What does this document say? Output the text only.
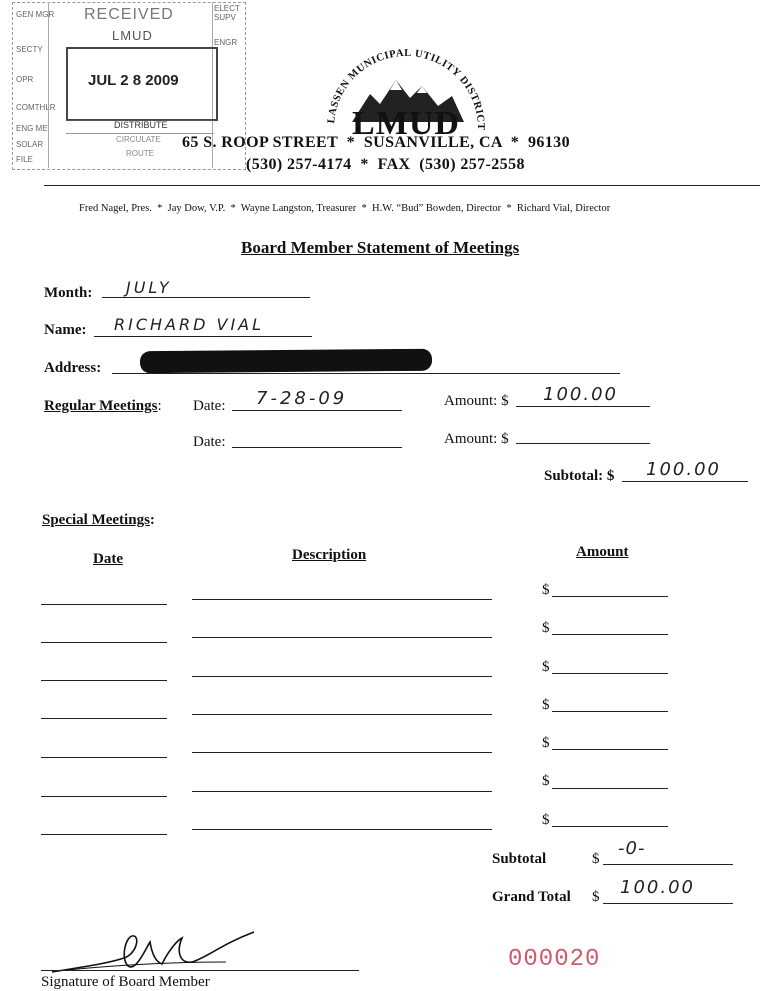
GEN MGR
SECTY
OPR
COMTHLR
ENG ME
SOLAR
FILE
ELECT SUPV
ENGR
RECEIVED
LMUD
JUL 2 8 2009
DISTRIBUTE
CIRCULATE
ROUTE
LASSEN MUNICIPAL UTILITY DISTRICT
LMUD
65 S. ROOP STREET  *  SUSANVILLE, CA  *  96130
(530) 257-4174  *  FAX  (530) 257-2558
Fred Nagel, Pres.  *  Jay Dow, V.P.  *  Wayne Langston, Treasurer  *  H.W. “Bud” Bowden, Director  *  Richard Vial, Director
Board Member Statement of Meetings
Month: JULY
Name: RICHARD VIAL
Address:
Regular Meetings: Date: 7-28-09	Amount: $ 100.00
Date:	Amount: $
Subtotal: $ 100.00
Special Meetings:
Date	Description	Amount
$
$
$
$
$
$
$
Subtotal	$ -0-
Grand Total $ 100.00
Signature of Board Member
000020
